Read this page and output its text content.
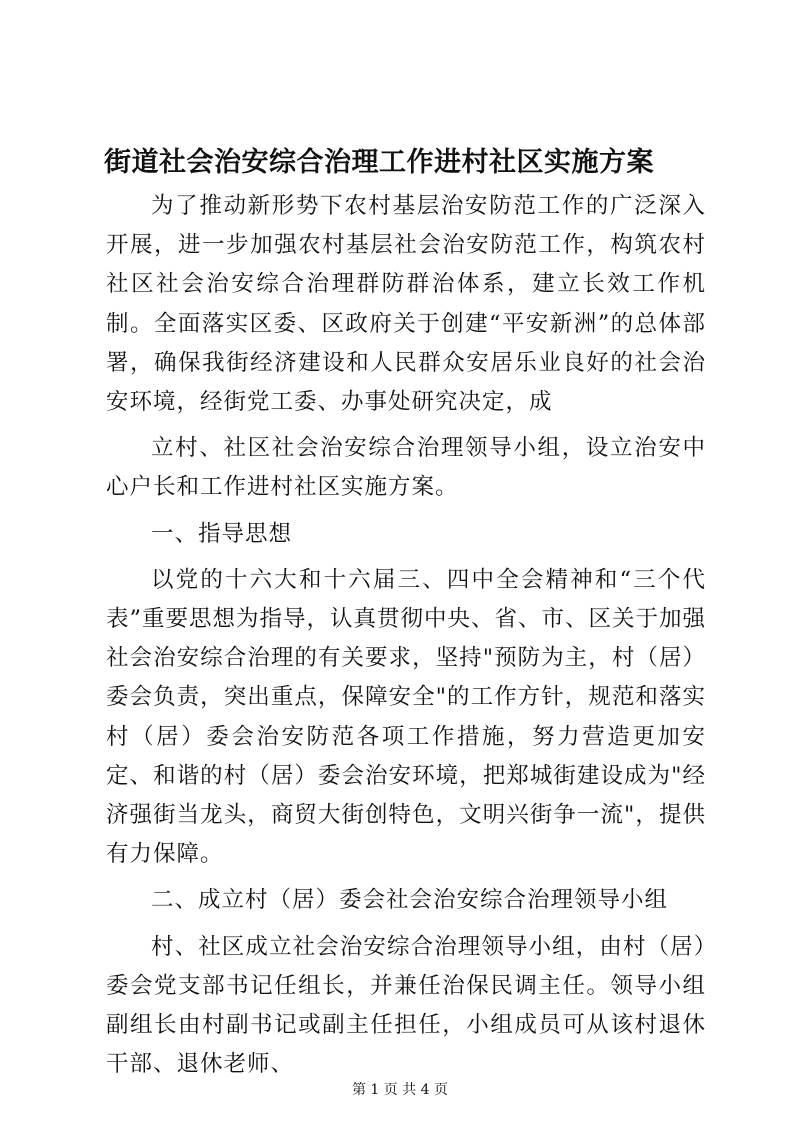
街道社会治安综合治理工作进村社区实施方案

为了推动新形势下农村基层治安防范工作的广泛深入开展，进一步加强农村基层社会治安防范工作，构筑农村社区社会治安综合治理群防群治体系，建立长效工作机制。全面落实区委、区政府关于创建“平安新洲”的总体部署，确保我街经济建设和人民群众安居乐业良好的社会治安环境，经街党工委、办事处研究决定，成

立村、社区社会治安综合治理领导小组，设立治安中心户长和工作进村社区实施方案。

一、指导思想

以党的十六大和十六届三、四中全会精神和“三个代表”重要思想为指导，认真贯彻中央、省、市、区关于加强社会治安综合治理的有关要求，坚持"预防为主，村（居）委会负责，突出重点，保障安全"的工作方针，规范和落实村（居）委会治安防范各项工作措施，努力营造更加安定、和谐的村（居）委会治安环境，把郑城街建设成为"经济强街当龙头，商贸大街创特色，文明兴街争一流"，提供有力保障。

二、成立村（居）委会社会治安综合治理领导小组

村、社区成立社会治安综合治理领导小组，由村（居）委会党支部书记任组长，并兼任治保民调主任。领导小组副组长由村副书记或副主任担任，小组成员可从该村退休干部、退休老师、

第 1 页 共 4 页
